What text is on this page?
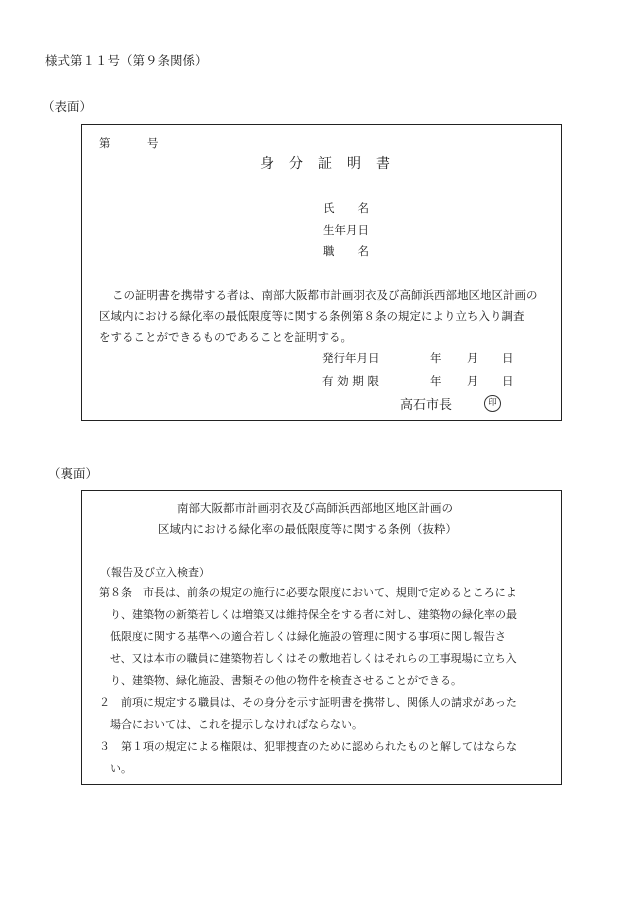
様式第１１号（第９条関係）
（表面）
第	号
身分証明書
氏　　名
生年月日
職　　名
この証明書を携帯する者は、南部大阪都市計画羽衣及び高師浜西部地区地区計画の
区域内における緑化率の最低限度等に関する条例第８条の規定により立ち入り調査
をすることができるものであることを証明する。
発行年月日	年 月 日
有 効 期 限	年 月 日
高石市長	印
（裏面）
南部大阪都市計画羽衣及び高師浜西部地区地区計画の
区域内における緑化率の最低限度等に関する条例（抜粋）
（報告及び立入検査）
第８条　市長は、前条の規定の施行に必要な限度において、規則で定めるところによ
り、建築物の新築若しくは増築又は維持保全をする者に対し、建築物の緑化率の最
低限度に関する基準への適合若しくは緑化施設の管理に関する事項に関し報告さ
せ、又は本市の職員に建築物若しくはその敷地若しくはそれらの工事現場に立ち入
り、建築物、緑化施設、書類その他の物件を検査させることができる。
２　前項に規定する職員は、その身分を示す証明書を携帯し、関係人の請求があった
場合においては、これを提示しなければならない。
３　第１項の規定による権限は、犯罪捜査のために認められたものと解してはならな
い。
